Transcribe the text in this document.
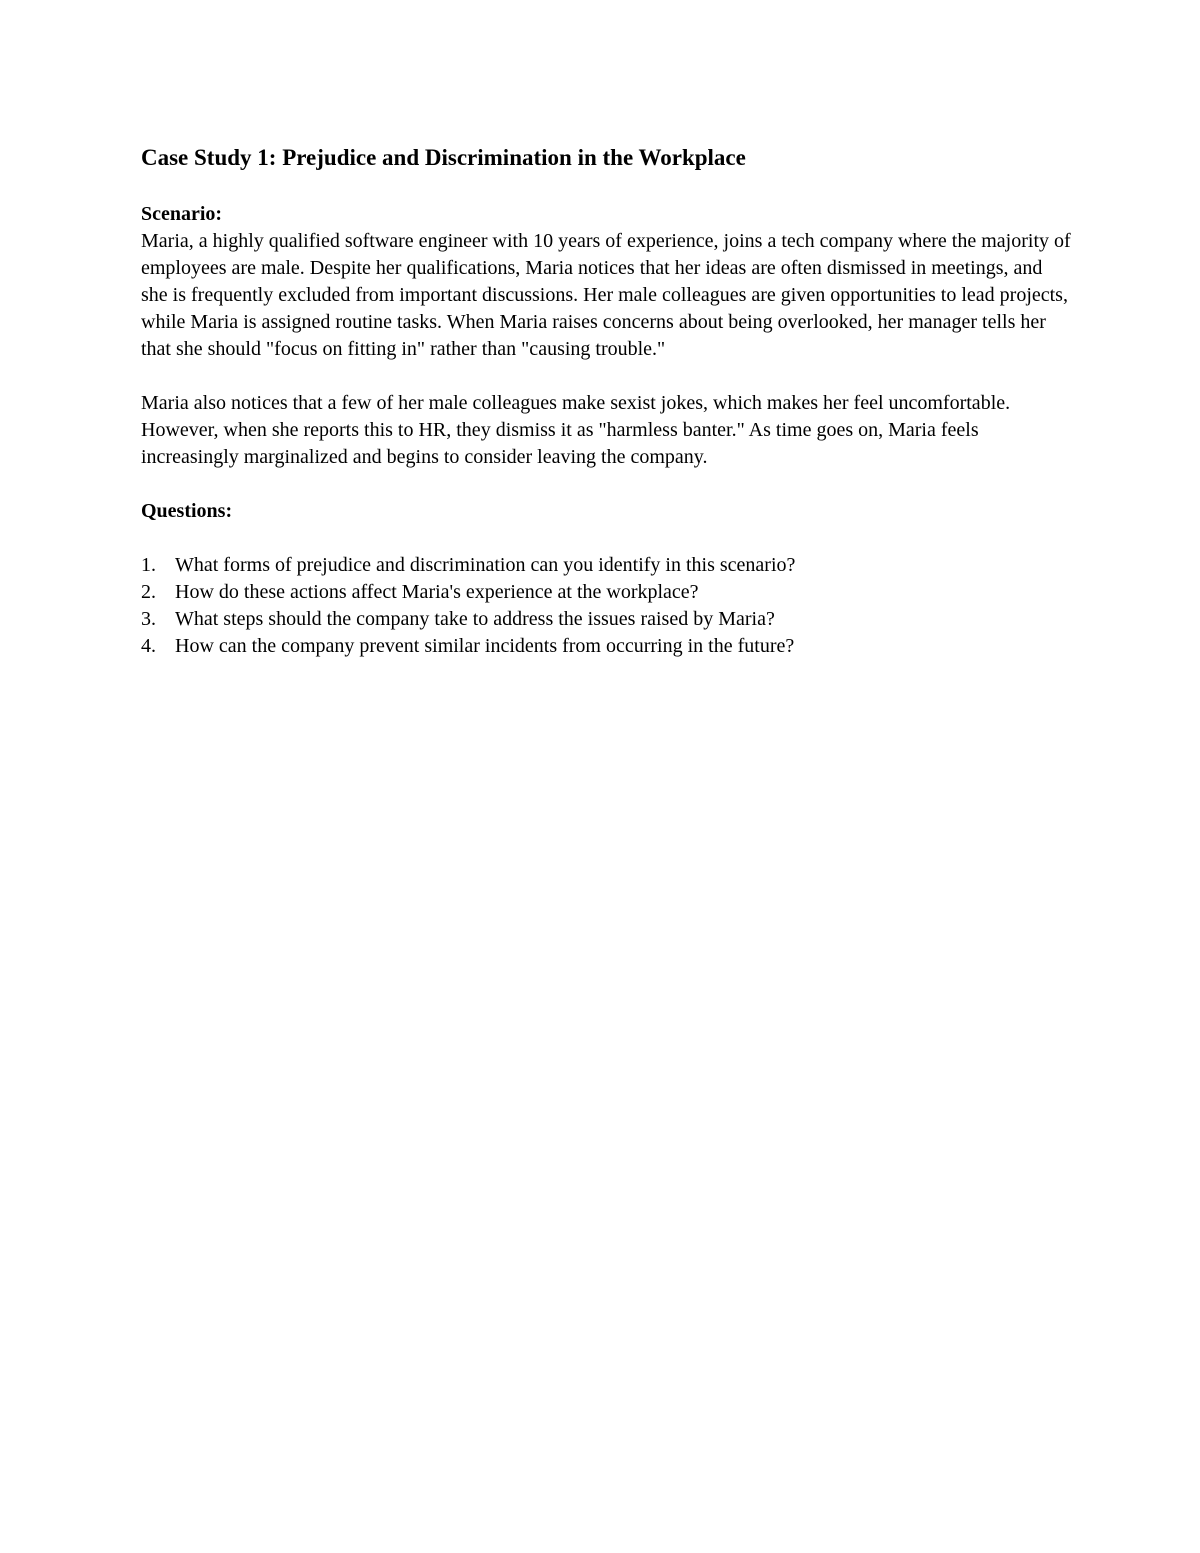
Case Study 1: Prejudice and Discrimination in the Workplace

Scenario:

Maria, a highly qualified software engineer with 10 years of experience, joins a tech company where the majority of employees are male. Despite her qualifications, Maria notices that her ideas are often dismissed in meetings, and she is frequently excluded from important discussions. Her male colleagues are given opportunities to lead projects, while Maria is assigned routine tasks. When Maria raises concerns about being overlooked, her manager tells her that she should "focus on fitting in" rather than "causing trouble."

Maria also notices that a few of her male colleagues make sexist jokes, which makes her feel uncomfortable. However, when she reports this to HR, they dismiss it as "harmless banter." As time goes on, Maria feels increasingly marginalized and begins to consider leaving the company.

Questions:

1. What forms of prejudice and discrimination can you identify in this scenario?
2. How do these actions affect Maria's experience at the workplace?
3. What steps should the company take to address the issues raised by Maria?
4. How can the company prevent similar incidents from occurring in the future?
